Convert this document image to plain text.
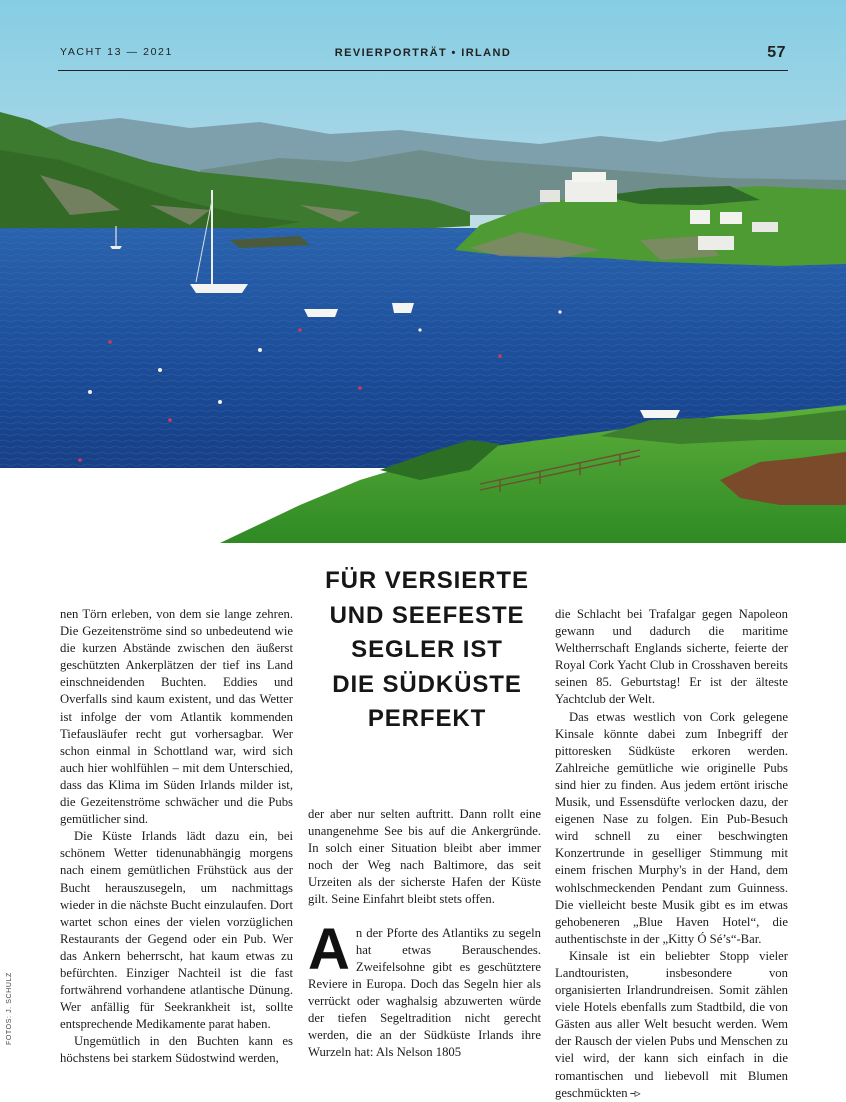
YACHT 13 — 2021	REVIERPORTRÄT • IRLAND	57
FÜR VERSIERTE
UND SEEFESTE
SEGLER IST
DIE SÜDKÜSTE
PERFEKT

nen Törn erleben, von dem sie lange zehren. Die Gezeitenströme sind so unbedeutend wie die kurzen Abstände zwischen den äußerst geschützten Ankerplätzen der tief ins Land einschneidenden Buchten. Eddies und Overfalls sind kaum existent, und das Wetter ist infolge der vom Atlantik kommenden Tiefausläufer recht gut vorhersagbar. Wer schon einmal in Schottland war, wird sich auch hier wohlfühlen – mit dem Unterschied, dass das Klima im Süden Irlands milder ist, die Gezeitenströme schwächer und die Pubs gemütlicher sind.

Die Küste Irlands lädt dazu ein, bei schönem Wetter tidenunabhängig morgens nach einem gemütlichen Frühstück aus der Bucht herauszusegeln, um nachmittags wieder in die nächste Bucht einzulaufen. Dort wartet schon eines der vielen vorzüglichen Restaurants der Gegend oder ein Pub. Wer das Ankern beherrscht, hat kaum etwas zu befürchten. Einziger Nachteil ist die fast fortwährend vorhandene atlantische Dünung. Wer anfällig für Seekrankheit ist, sollte entsprechende Medikamente parat haben.

Ungemütlich in den Buchten kann es höchstens bei starkem Südostwind werden,

der aber nur selten auftritt. Dann rollt eine unangenehme See bis auf die Ankergründe. In solch einer Situation bleibt aber immer noch der Weg nach Baltimore, das seit Urzeiten als der sicherste Hafen der Küste gilt. Seine Einfahrt bleibt stets offen.

An der Pforte des Atlantiks zu segeln hat etwas Berauschendes. Zweifelsohne gibt es geschütztere Reviere in Europa. Doch das Segeln hier als verrückt oder waghalsig abzuwerten würde der tiefen Segeltradition nicht gerecht werden, die an der Südküste Irlands ihre Wurzeln hat: Als Nelson 1805

die Schlacht bei Trafalgar gegen Napoleon gewann und dadurch die maritime Weltherrschaft Englands sicherte, feierte der Royal Cork Yacht Club in Crosshaven bereits seinen 85. Geburtstag! Er ist der älteste Yachtclub der Welt.

Das etwas westlich von Cork gelegene Kinsale könnte dabei zum Inbegriff der pittoresken Südküste erkoren werden. Zahlreiche gemütliche wie originelle Pubs sind hier zu finden. Aus jedem ertönt irische Musik, und Essensdüfte verlocken dazu, der eigenen Nase zu folgen. Ein Pub-Besuch wird schnell zu einer beschwingten Konzertrunde in geselliger Stimmung mit einem frischen Murphy's in der Hand, dem wohlschmeckenden Pendant zum Guinness. Die vielleicht beste Musik gibt es im etwas gehobeneren „Blue Haven Hotel“, die authentischste in der „Kitty Ó Sé’s“-Bar.

Kinsale ist ein beliebter Stopp vieler Landtouristen, insbesondere von organisierten Irlandrundreisen. Somit zählen viele Hotels ebenfalls zum Stadtbild, die von Gästen aus aller Welt besucht werden. Wem der Rausch der vielen Pubs und Menschen zu viel wird, der kann sich einfach in die romantischen und liebevoll mit Blumen geschmückten –▹

FOTOS: J. SCHULZ
